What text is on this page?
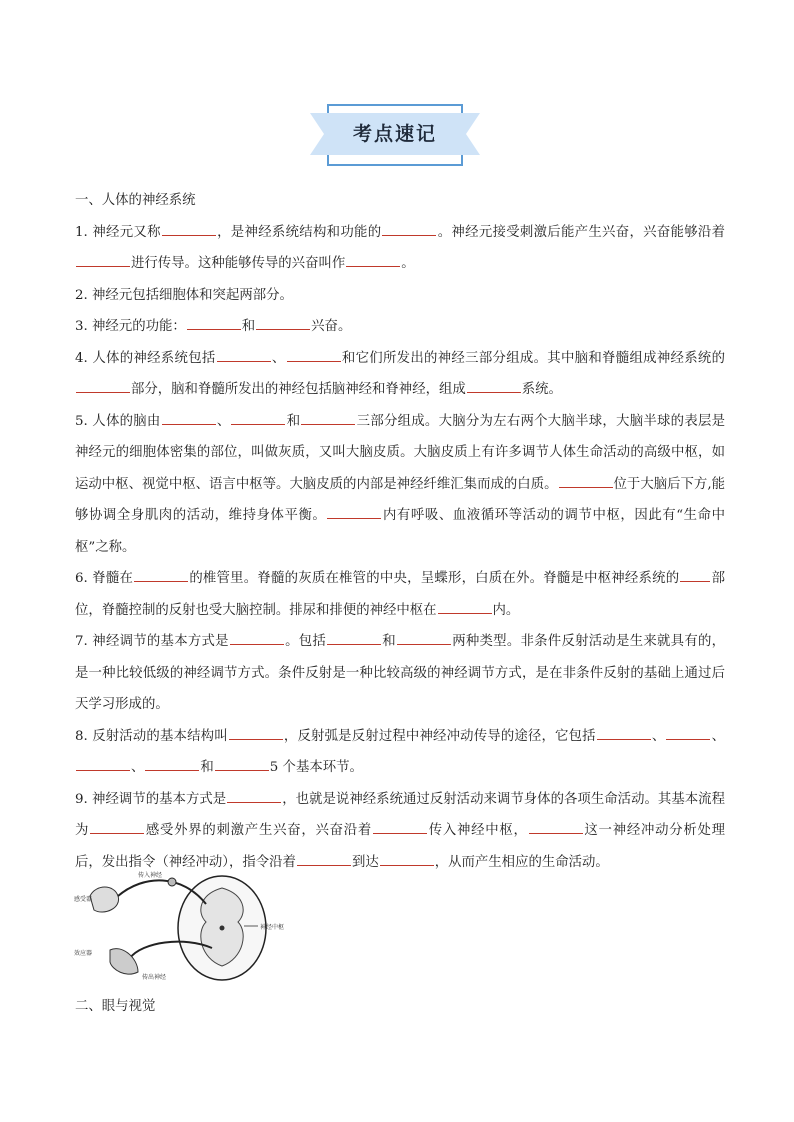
考点速记

一、人体的神经系统

1. 神经元又称	，是神经系统结构和功能的	。神经元接受刺激后能产生兴奋，兴奋能够沿着进行传导。这种能够传导的兴奋叫作	。

2. 神经元包括细胞体和突起两部分。

3. 神经元的功能：	和	兴奋。

4. 人体的神经系统包括	、	和它们所发出的神经三部分组成。其中脑和脊髓组成神经系统的部分，脑和脊髓所发出的神经包括脑神经和脊神经，组成	系统。

5. 人体的脑由	、	和	三部分组成。大脑分为左右两个大脑半球，大脑半球的表层是神经元的细胞体密集的部位，叫做灰质，又叫大脑皮质。大脑皮质上有许多调节人体生命活动的高级中枢，如运动中枢、视觉中枢、语言中枢等。大脑皮质的内部是神经纤维汇集而成的白质。	位于大脑后下方,能够协调全身肌肉的活动，维持身体平衡。	内有呼吸、血液循环等活动的调节中枢，因此有“生命中枢”之称。

6. 脊髓在	的椎管里。脊髓的灰质在椎管的中央，呈蝶形，白质在外。脊髓是中枢神经系统的 部位，脊髓控制的反射也受大脑控制。排尿和排便的神经中枢在	内。

7. 神经调节的基本方式是	。包括	和	两种类型。非条件反射活动是生来就具有的，是一种比较低级的神经调节方式。条件反射是一种比较高级的神经调节方式，是在非条件反射的基础上通过后天学习形成的。

8. 反射活动的基本结构叫	，反射弧是反射过程中神经冲动传导的途径，它包括	、	、、	和	5 个基本环节。

9. 神经调节的基本方式是	，也就是说神经系统通过反射活动来调节身体的各项生命活动。其基本流程为	感受外界的刺激产生兴奋，兴奋沿着	传入神经中枢，	这一神经冲动分析处理后，发出指令（神经冲动），指令沿着	到达	，从而产生相应的生命活动。

传入神经
感受器
神经中枢
效应器
传出神经
二、眼与视觉
